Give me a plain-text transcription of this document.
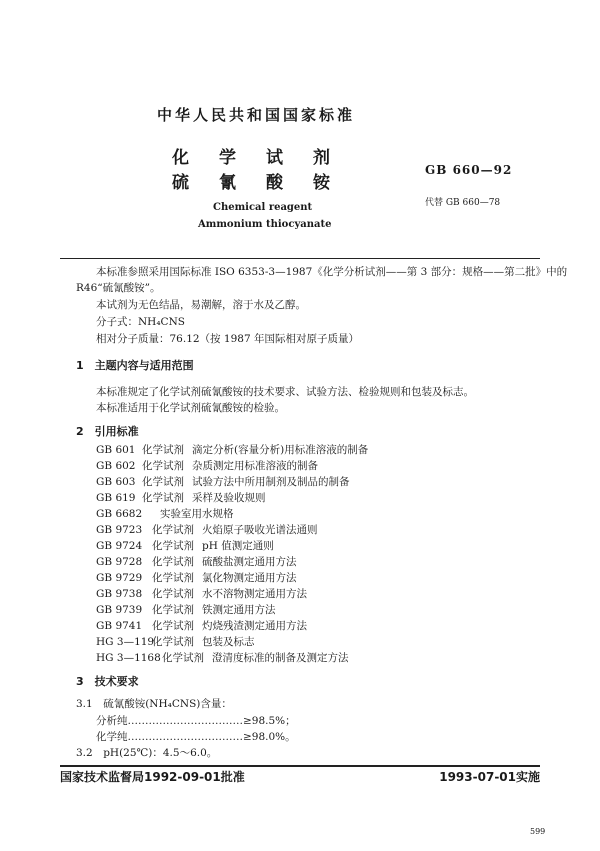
中华人民共和国国家标准
化 学 试 剂
硫 氰 酸 铵
GB 660—92
代替 GB 660—78
Chemical reagent
Ammonium thiocyanate
本标准参照采用国际标准 ISO 6353-3—1987《化学分析试剂——第 3 部分：规格——第二批》中的
R46“硫氰酸铵”。
本试剂为无色结晶，易潮解，溶于水及乙醇。
分子式：NH₄CNS
相对分子质量：76.12（按 1987 年国际相对原子质量）
1　主题内容与适用范围
本标准规定了化学试剂硫氰酸铵的技术要求、试验方法、检验规则和包装及标志。
本标准适用于化学试剂硫氰酸铵的检验。
2　引用标准
GB 601 化学试剂 滴定分析(容量分析)用标准溶液的制备
GB 602 化学试剂 杂质测定用标准溶液的制备
GB 603 化学试剂 试验方法中所用制剂及制品的制备
GB 619 化学试剂 采样及验收规则
GB 6682 实验室用水规格
GB 9723 化学试剂 火焰原子吸收光谱法通则
GB 9724 化学试剂 pH 值测定通则
GB 9728 化学试剂 硫酸盐测定通用方法
GB 9729 化学试剂 氯化物测定通用方法
GB 9738 化学试剂 水不溶物测定通用方法
GB 9739 化学试剂 铁测定通用方法
GB 9741 化学试剂 灼烧残渣测定通用方法
HG 3—119化学试剂 包装及标志
HG 3—1168化学试剂 澄清度标准的制备及测定方法
3　技术要求
3.1　硫氰酸铵(NH₄CNS)含量：
分析纯……………………………≥98.5%；
化学纯……………………………≥98.0%。
3.2　pH(25℃)：4.5～6.0。
国家技术监督局1992-09-01批准	1993-07-01实施
599
